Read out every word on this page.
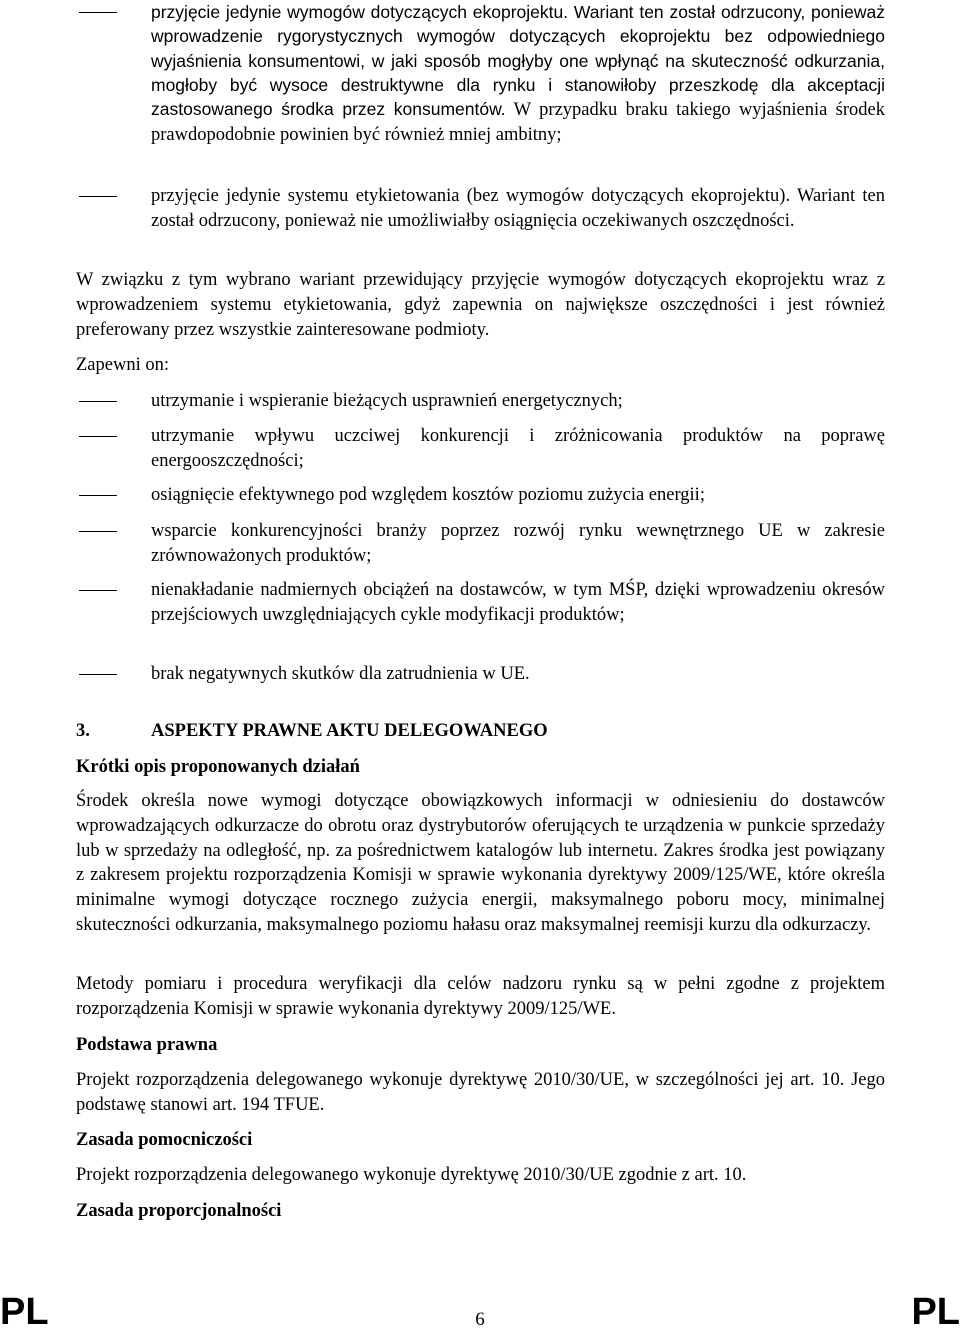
przyjęcie jedynie wymogów dotyczących ekoprojektu. Wariant ten został odrzucony, ponieważ wprowadzenie rygorystycznych wymogów dotyczących ekoprojektu bez odpowiedniego wyjaśnienia konsumentowi, w jaki sposób mogłyby one wpłynąć na skuteczność odkurzania, mogłoby być wysoce destruktywne dla rynku i stanowiłoby przeszkodę dla akceptacji zastosowanego środka przez konsumentów. W przypadku braku takiego wyjaśnienia środek prawdopodobnie powinien być również mniej ambitny;
przyjęcie jedynie systemu etykietowania (bez wymogów dotyczących ekoprojektu). Wariant ten został odrzucony, ponieważ nie umożliwiałby osiągnięcia oczekiwanych oszczędności.
W związku z tym wybrano wariant przewidujący przyjęcie wymogów dotyczących ekoprojektu wraz z wprowadzeniem systemu etykietowania, gdyż zapewnia on największe oszczędności i jest również preferowany przez wszystkie zainteresowane podmioty.
Zapewni on:
utrzymanie i wspieranie bieżących usprawnień energetycznych;
utrzymanie wpływu uczciwej konkurencji i zróżnicowania produktów na poprawę energooszczędności;
osiągnięcie efektywnego pod względem kosztów poziomu zużycia energii;
wsparcie konkurencyjności branży poprzez rozwój rynku wewnętrznego UE w zakresie zrównoważonych produktów;
nienakładanie nadmiernych obciążeń na dostawców, w tym MŚP, dzięki wprowadzeniu okresów przejściowych uwzględniających cykle modyfikacji produktów;
brak negatywnych skutków dla zatrudnienia w UE.
3.	ASPEKTY PRAWNE AKTU DELEGOWANEGO
Krótki opis proponowanych działań
Środek określa nowe wymogi dotyczące obowiązkowych informacji w odniesieniu do dostawców wprowadzających odkurzacze do obrotu oraz dystrybutorów oferujących te urządzenia w punkcie sprzedaży lub w sprzedaży na odległość, np. za pośrednictwem katalogów lub internetu. Zakres środka jest powiązany z zakresem projektu rozporządzenia Komisji w sprawie wykonania dyrektywy 2009/125/WE, które określa minimalne wymogi dotyczące rocznego zużycia energii, maksymalnego poboru mocy, minimalnej skuteczności odkurzania, maksymalnego poziomu hałasu oraz maksymalnej reemisji kurzu dla odkurzaczy.
Metody pomiaru i procedura weryfikacji dla celów nadzoru rynku są w pełni zgodne z projektem rozporządzenia Komisji w sprawie wykonania dyrektywy 2009/125/WE.
Podstawa prawna
Projekt rozporządzenia delegowanego wykonuje dyrektywę 2010/30/UE, w szczególności jej art. 10. Jego podstawę stanowi art. 194 TFUE.
Zasada pomocniczości
Projekt rozporządzenia delegowanego wykonuje dyrektywę 2010/30/UE zgodnie z art. 10.
Zasada proporcjonalności
PL	6	PL
